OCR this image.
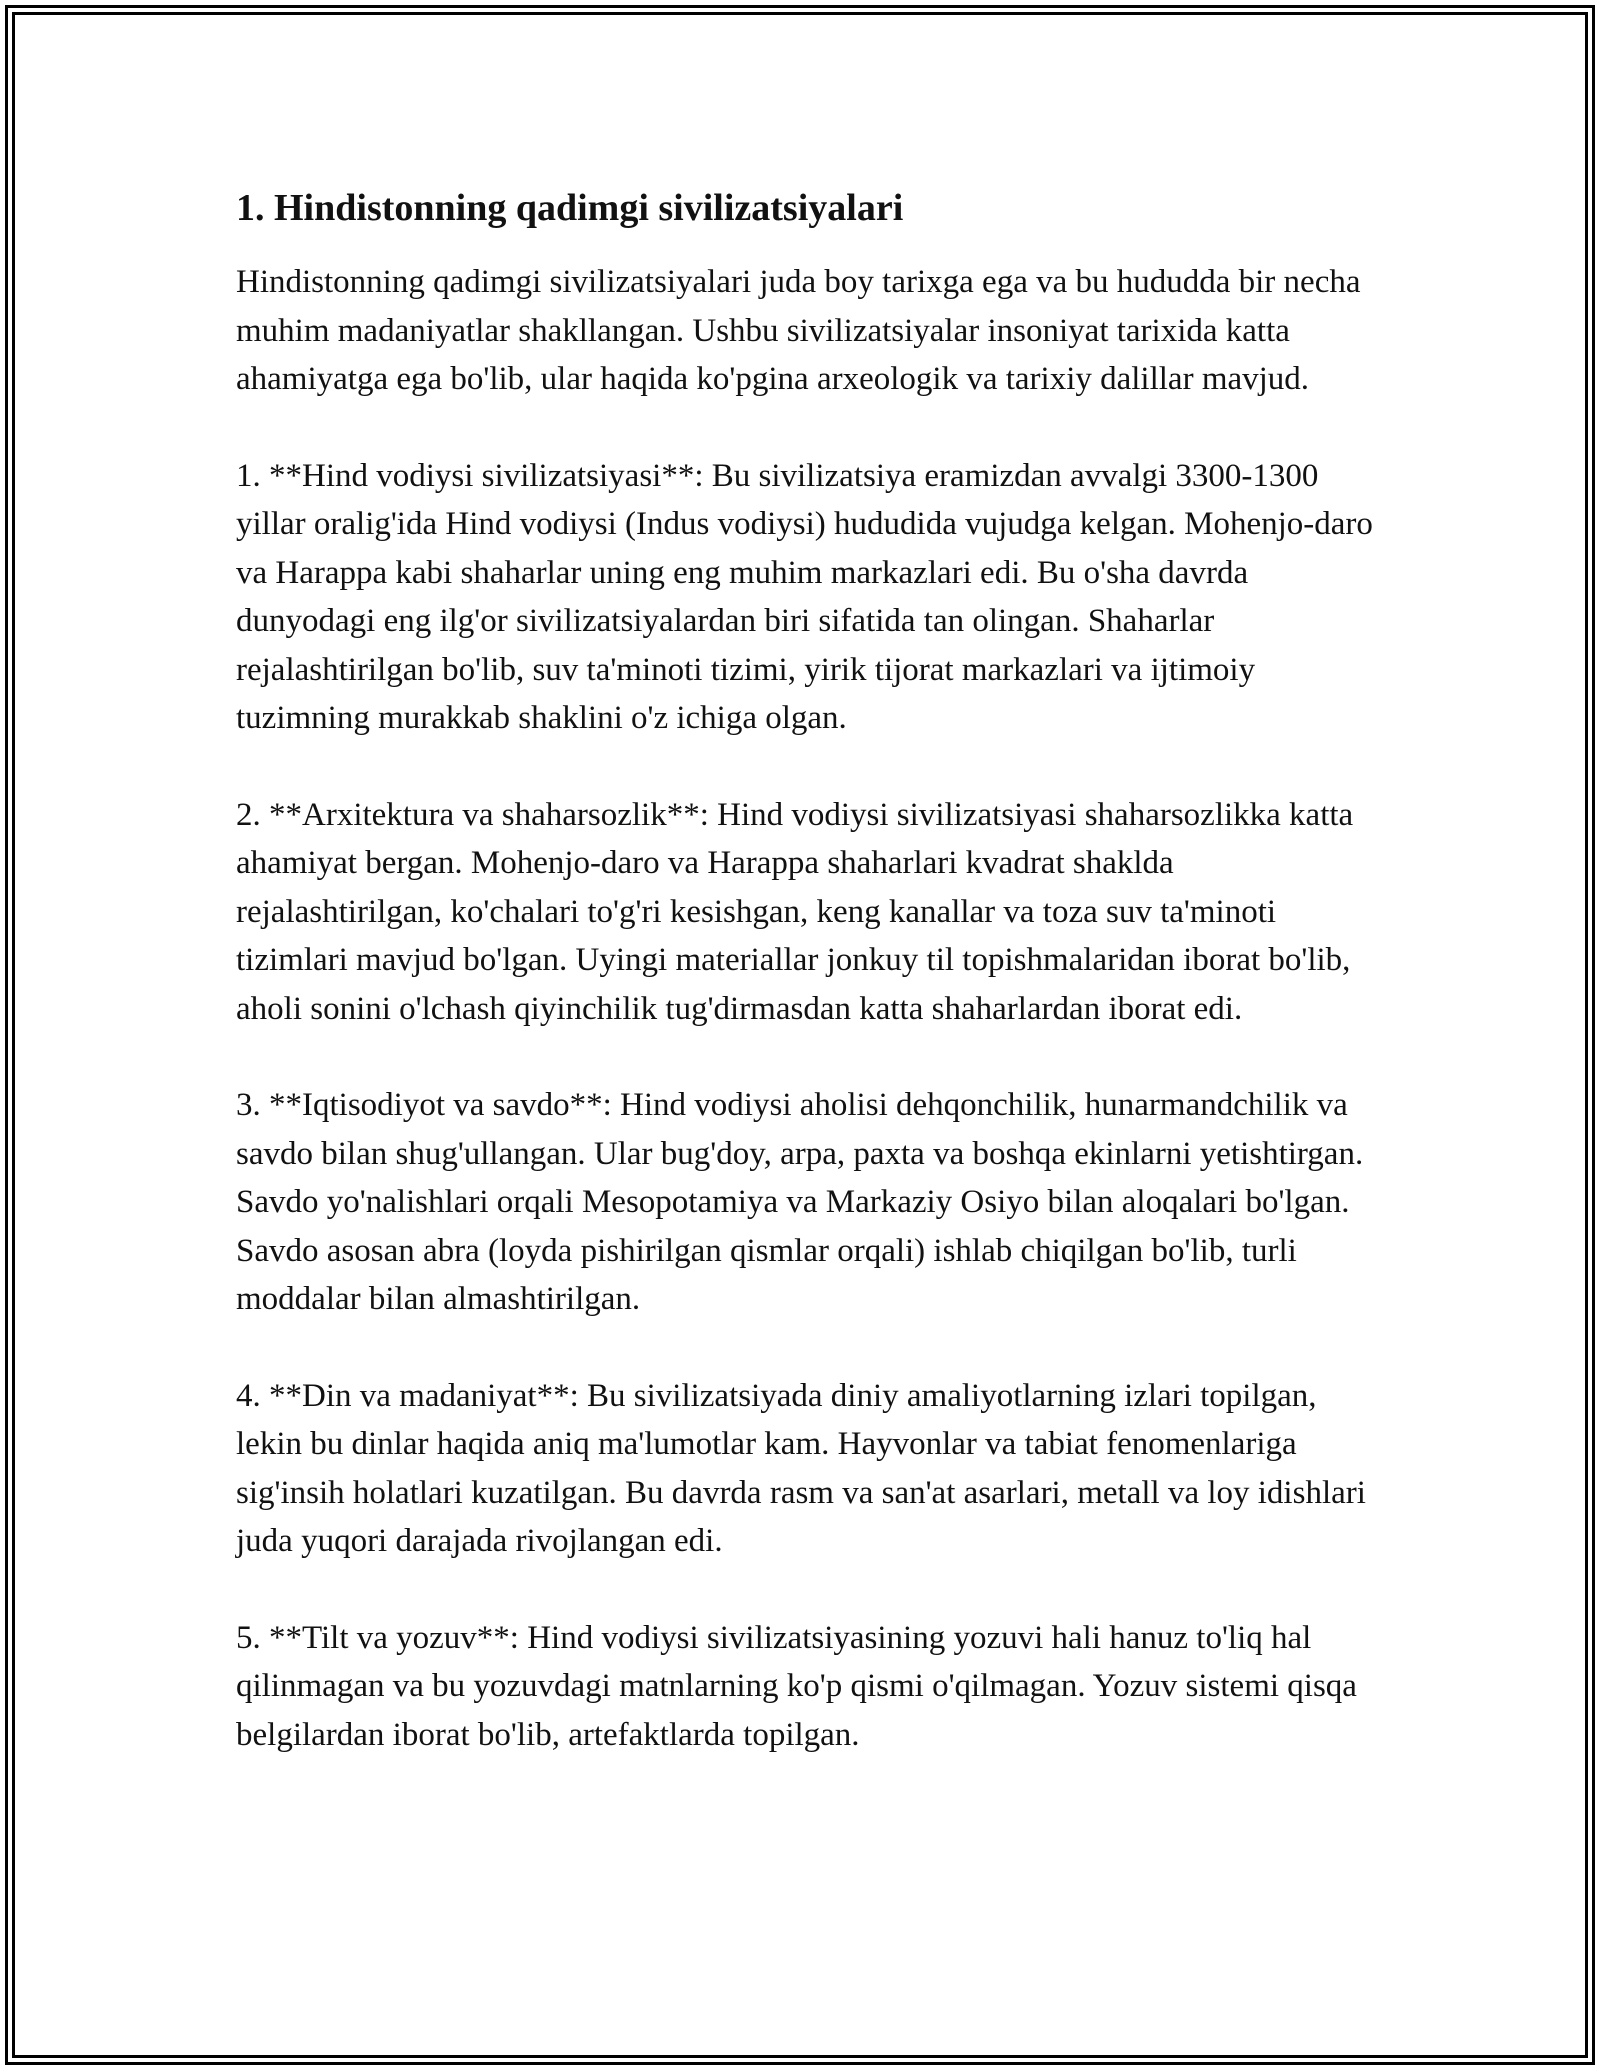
1. Hindistonning qadimgi sivilizatsiyalari

Hindistonning qadimgi sivilizatsiyalari juda boy tarixga ega va bu hududda bir necha muhim madaniyatlar shakllangan. Ushbu sivilizatsiyalar insoniyat tarixida katta ahamiyatga ega bo'lib, ular haqida ko'pgina arxeologik va tarixiy dalillar mavjud.

1. **Hind vodiysi sivilizatsiyasi**: Bu sivilizatsiya eramizdan avvalgi 3300-1300 yillar oralig'ida Hind vodiysi (Indus vodiysi) hududida vujudga kelgan. Mohenjo-daro va Harappa kabi shaharlar uning eng muhim markazlari edi. Bu o'sha davrda dunyodagi eng ilg'or sivilizatsiyalardan biri sifatida tan olingan. Shaharlar rejalashtirilgan bo'lib, suv ta'minoti tizimi, yirik tijorat markazlari va ijtimoiy tuzimning murakkab shaklini o'z ichiga olgan.

2. **Arxitektura va shaharsozlik**: Hind vodiysi sivilizatsiyasi shaharsozlikka katta ahamiyat bergan. Mohenjo-daro va Harappa shaharlari kvadrat shaklda rejalashtirilgan, ko'chalari to'g'ri kesishgan, keng kanallar va toza suv ta'minoti tizimlari mavjud bo'lgan. Uyingi materiallar jonkuy til topishmalaridan iborat bo'lib, aholi sonini o'lchash qiyinchilik tug'dirmasdan katta shaharlardan iborat edi.

3. **Iqtisodiyot va savdo**: Hind vodiysi aholisi dehqonchilik, hunarmandchilik va savdo bilan shug'ullangan. Ular bug'doy, arpa, paxta va boshqa ekinlarni yetishtirgan. Savdo yo'nalishlari orqali Mesopotamiya va Markaziy Osiyo bilan aloqalari bo'lgan. Savdo asosan abra (loyda pishirilgan qismlar orqali) ishlab chiqilgan bo'lib, turli moddalar bilan almashtirilgan.

4. **Din va madaniyat**: Bu sivilizatsiyada diniy amaliyotlarning izlari topilgan, lekin bu dinlar haqida aniq ma'lumotlar kam. Hayvonlar va tabiat fenomenlariga sig'insih holatlari kuzatilgan. Bu davrda rasm va san'at asarlari, metall va loy idishlari juda yuqori darajada rivojlangan edi.

5. **Tilt va yozuv**: Hind vodiysi sivilizatsiyasining yozuvi hali hanuz to'liq hal qilinmagan va bu yozuvdagi matnlarning ko'p qismi o'qilmagan. Yozuv sistemi qisqa belgilardan iborat bo'lib, artefaktlarda topilgan.
